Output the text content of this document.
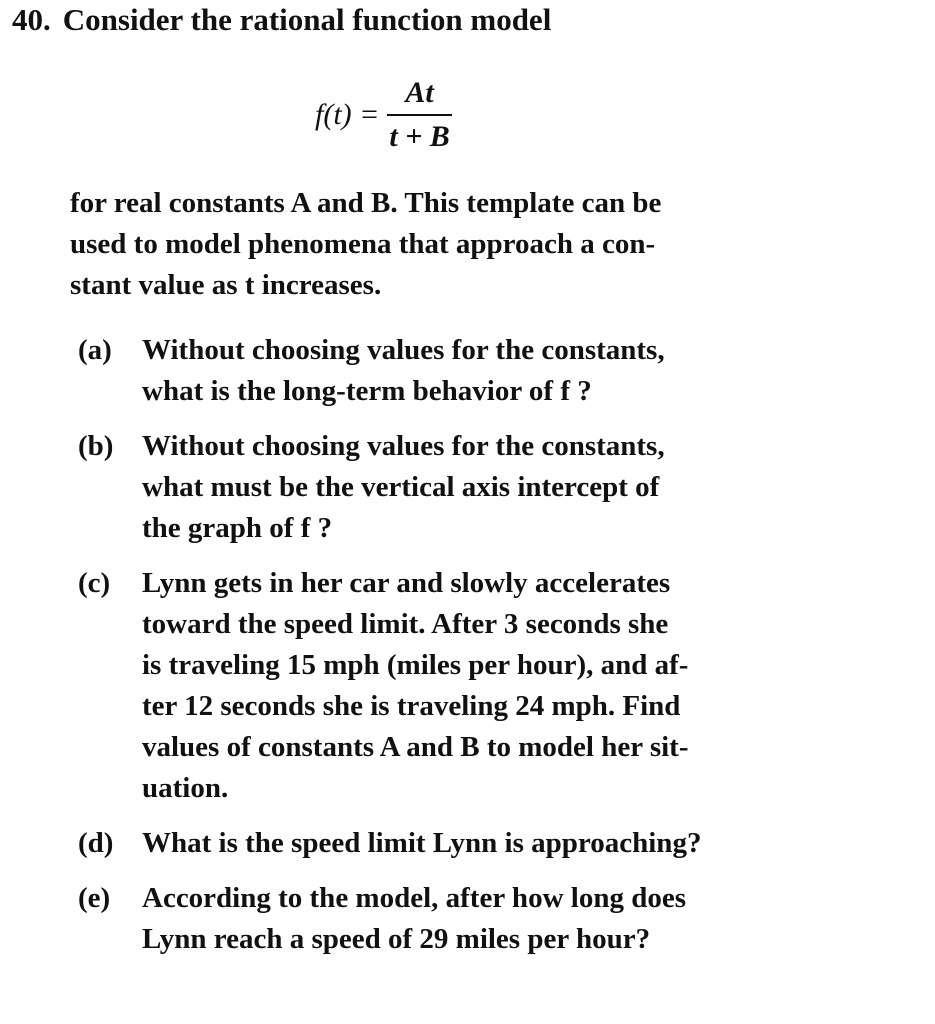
40. Consider the rational function model
$f(t) = \frac{At}{t + B}$
for real constants A and B. This template can be
used to model phenomena that approach a con-
stant value as t increases.
(a)	Without choosing values for the constants,
what is the long-term behavior of f ?
(b) Without choosing values for the constants,
what must be the vertical axis intercept of
the graph of f ?
(c)	Lynn gets in her car and slowly accelerates
toward the speed limit. After 3 seconds she
is traveling 15 mph (miles per hour), and af-
ter 12 seconds she is traveling 24 mph. Find
values of constants A and B to model her sit-
uation.
(d) What is the speed limit Lynn is approaching?
(e)	According to the model, after how long does
Lynn reach a speed of 29 miles per hour?
